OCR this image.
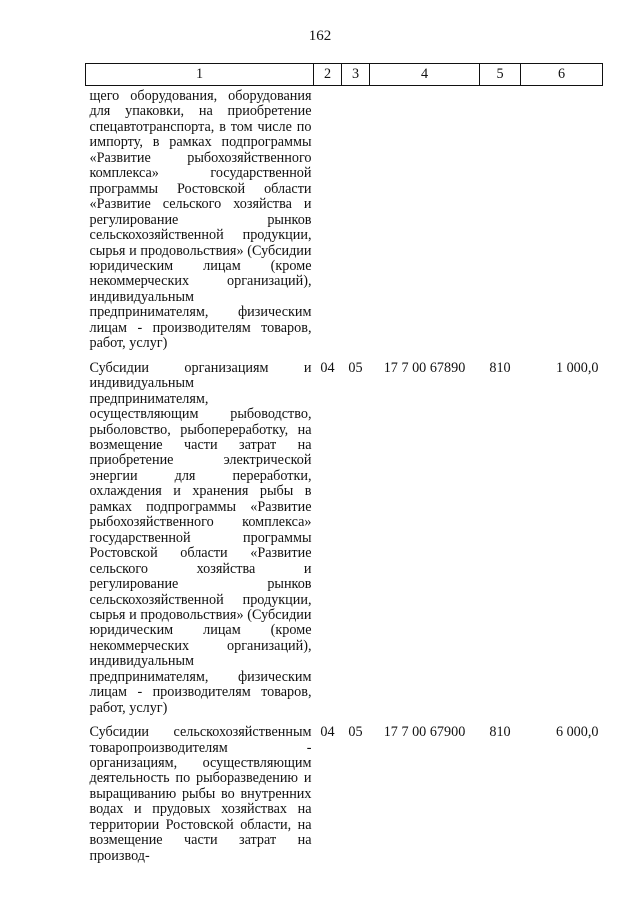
162
1	2	3	4	5	6
щего оборудования, оборудования для упаковки, на приобретение спецавтотранспорта, в том числе по импорту, в рамках подпрограммы «Развитие рыбохозяйственного комплекса» государственной программы Ростовской области «Развитие сельского хозяйства и регулирование рынков сельскохозяйственной продукции, сырья и продовольствия» (Субсидии юридическим лицам (кроме некоммерческих организаций), индивидуальным предпринимателям, физическим лицам - производителям товаров, работ, услуг)					
Субсидии организациям и индивидуальным предпринимателям, осуществляющим рыбоводство, рыболовство, рыбопереработку, на возмещение части затрат на приобретение электрической энергии для переработки, охлаждения и хранения рыбы в рамках подпрограммы «Развитие рыбохозяйственного комплекса» государственной программы Ростовской области «Развитие сельского хозяйства и регулирование рынков сельскохозяйственной продукции, сырья и продовольствия» (Субсидии юридическим лицам (кроме некоммерческих организаций), индивидуальным предпринимателям, физическим лицам - производителям товаров, работ, услуг)	04	05	17 7 00 67890	810	1 000,0
Субсидии сельскохозяйственным товаропроизводителям - организациям, осуществляющим деятельность по рыборазведению и выращиванию рыбы во внутренних водах и прудовых хозяйствах на территории Ростовской области, на возмещение части затрат на производ-	04	05	17 7 00 67900	810	6 000,0
